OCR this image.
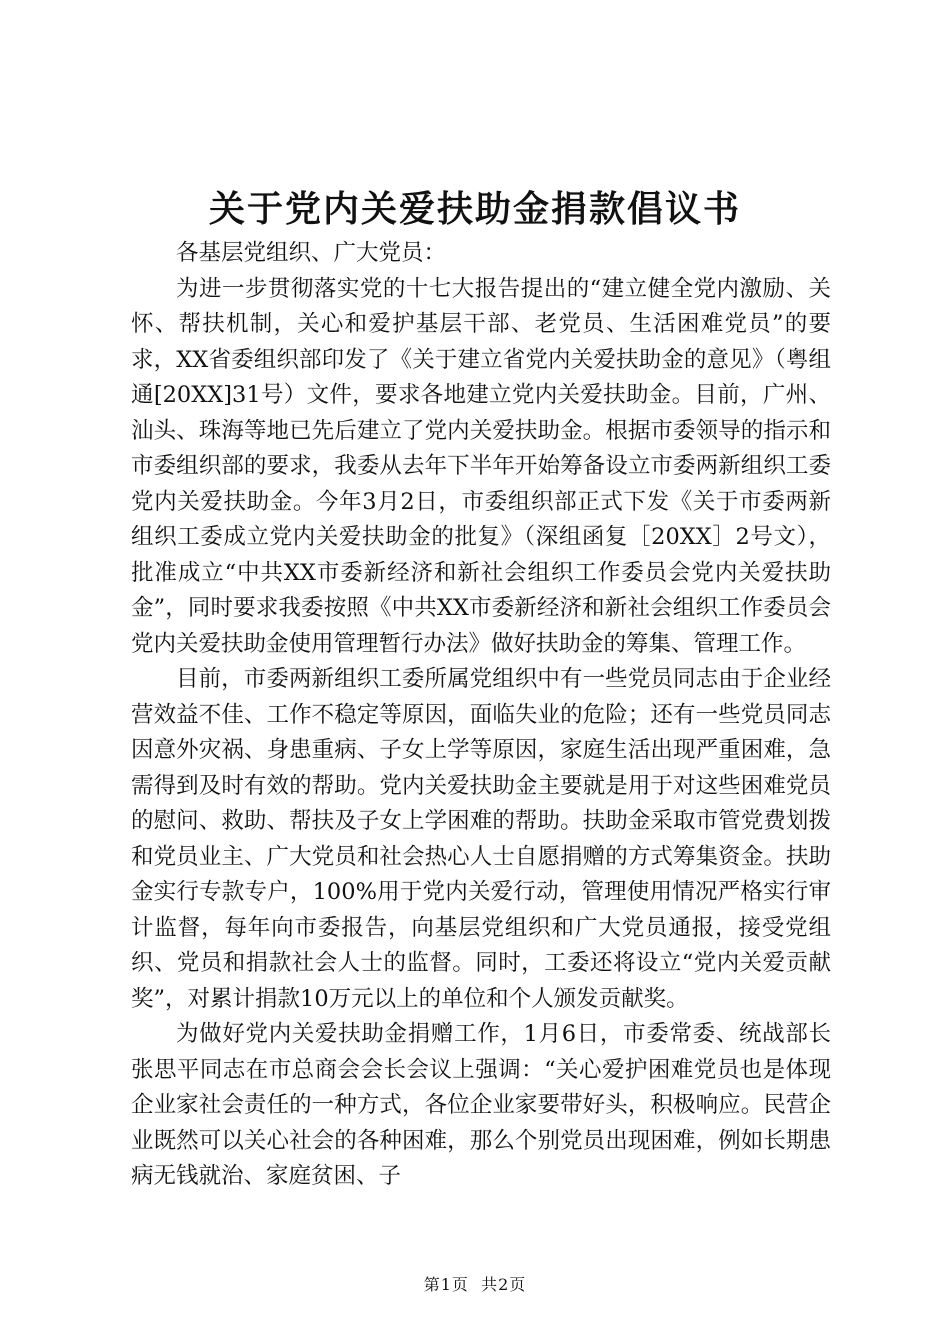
关于党内关爱扶助金捐款倡议书

各基层党组织、广大党员：

为进一步贯彻落实党的十七大报告提出的“建立健全党内激励、关怀、帮扶机制，关心和爱护基层干部、老党员、生活困难党员”的要求，XX省委组织部印发了《关于建立省党内关爱扶助金的意见》（粤组通[20XX]31号）文件，要求各地建立党内关爱扶助金。目前，广州、汕头、珠海等地已先后建立了党内关爱扶助金。根据市委领导的指示和市委组织部的要求，我委从去年下半年开始筹备设立市委两新组织工委党内关爱扶助金。今年3月2日，市委组织部正式下发《关于市委两新组织工委成立党内关爱扶助金的批复》（深组函复［20XX］2号文），批准成立“中共XX市委新经济和新社会组织工作委员会党内关爱扶助金”，同时要求我委按照《中共XX市委新经济和新社会组织工作委员会党内关爱扶助金使用管理暂行办法》做好扶助金的筹集、管理工作。

目前，市委两新组织工委所属党组织中有一些党员同志由于企业经营效益不佳、工作不稳定等原因，面临失业的危险；还有一些党员同志因意外灾祸、身患重病、子女上学等原因，家庭生活出现严重困难，急需得到及时有效的帮助。党内关爱扶助金主要就是用于对这些困难党员的慰问、救助、帮扶及子女上学困难的帮助。扶助金采取市管党费划拨和党员业主、广大党员和社会热心人士自愿捐赠的方式筹集资金。扶助金实行专款专户，100%用于党内关爱行动，管理使用情况严格实行审计监督，每年向市委报告，向基层党组织和广大党员通报，接受党组织、党员和捐款社会人士的监督。同时，工委还将设立“党内关爱贡献奖”，对累计捐款10万元以上的单位和个人颁发贡献奖。

为做好党内关爱扶助金捐赠工作，1月6日，市委常委、统战部长张思平同志在市总商会会长会议上强调：“关心爱护困难党员也是体现企业家社会责任的一种方式，各位企业家要带好头，积极响应。民营企业既然可以关心社会的各种困难，那么个别党员出现困难，例如长期患病无钱就治、家庭贫困、子

第1页 共2页
